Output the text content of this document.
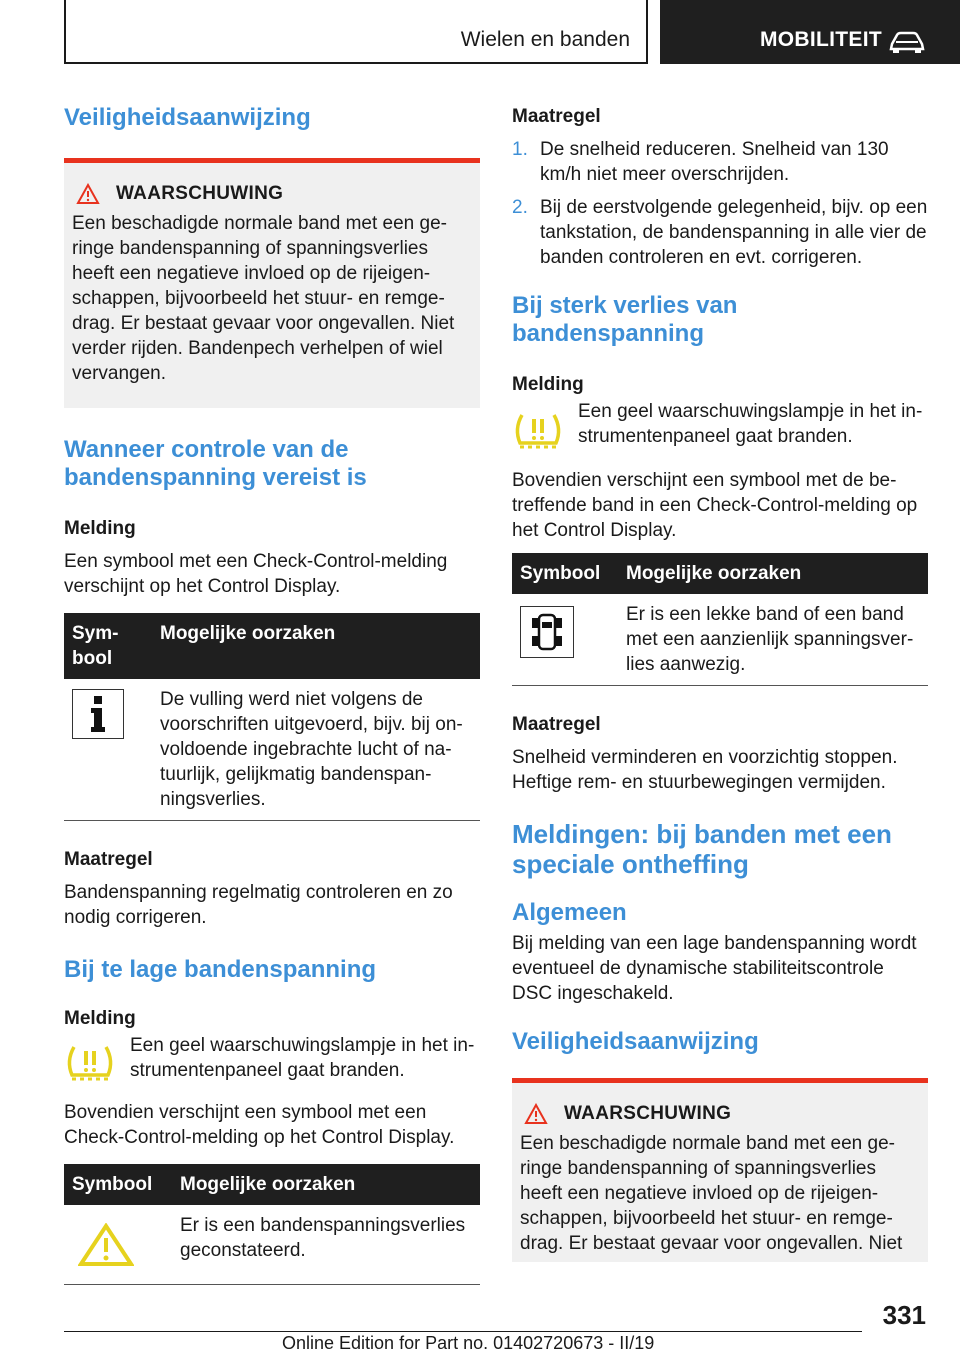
Wielen en banden	MOBILITEIT
Veiligheidsaanwijzing
WAARSCHUWING
Een beschadigde normale band met een geringe bandenspanning of spanningsverlies heeft een negatieve invloed op de rijeigenschappen, bijvoorbeeld het stuur- en remgedrag. Er bestaat gevaar voor ongevallen. Niet verder rijden. Bandenpech verhelpen of wiel vervangen.
Wanneer controle van de bandenspanning vereist is
Melding
Een symbool met een Check-Control-melding verschijnt op het Control Display.
Symbool	Mogelijke oorzaken

	De vulling werd niet volgens de voorschriften uitgevoerd, bijv. bij onvoldoende ingebrachte lucht of natuurlijk, gelijkmatig bandenspanningsverlies.
Maatregel
Bandenspanning regelmatig controleren en zo nodig corrigeren.
Bij te lage bandenspanning
Melding
Een geel waarschuwingslampje in het instrumentenpaneel gaat branden.
Bovendien verschijnt een symbool met een Check-Control-melding op het Control Display.
Symbool	Mogelijke oorzaken

	Er is een bandenspanningsverlies geconstateerd.
Maatregel
1. De snelheid reduceren. Snelheid van 130 km/h niet meer overschrijden.
2. Bij de eerstvolgende gelegenheid, bijv. op een tankstation, de bandenspanning in alle vier de banden controleren en evt. corrigeren.
Bij sterk verlies van bandenspanning
Melding
Een geel waarschuwingslampje in het instrumentenpaneel gaat branden.
Bovendien verschijnt een symbool met de betreffende band in een Check-Control-melding op het Control Display.
Symbool	Mogelijke oorzaken

	Er is een lekke band of een band met een aanzienlijk spanningsverlies aanwezig.
Maatregel
Snelheid verminderen en voorzichtig stoppen. Heftige rem- en stuurbewegingen vermijden.
Meldingen: bij banden met een speciale ontheffing
Algemeen
Bij melding van een lage bandenspanning wordt eventueel de dynamische stabiliteitscontrole DSC ingeschakeld.
Veiligheidsaanwijzing
WAARSCHUWING
Een beschadigde normale band met een geringe bandenspanning of spanningsverlies heeft een negatieve invloed op de rijeigenschappen, bijvoorbeeld het stuur- en remgedrag. Er bestaat gevaar voor ongevallen. Niet
331
Online Edition for Part no. 01402720673 - II/19
